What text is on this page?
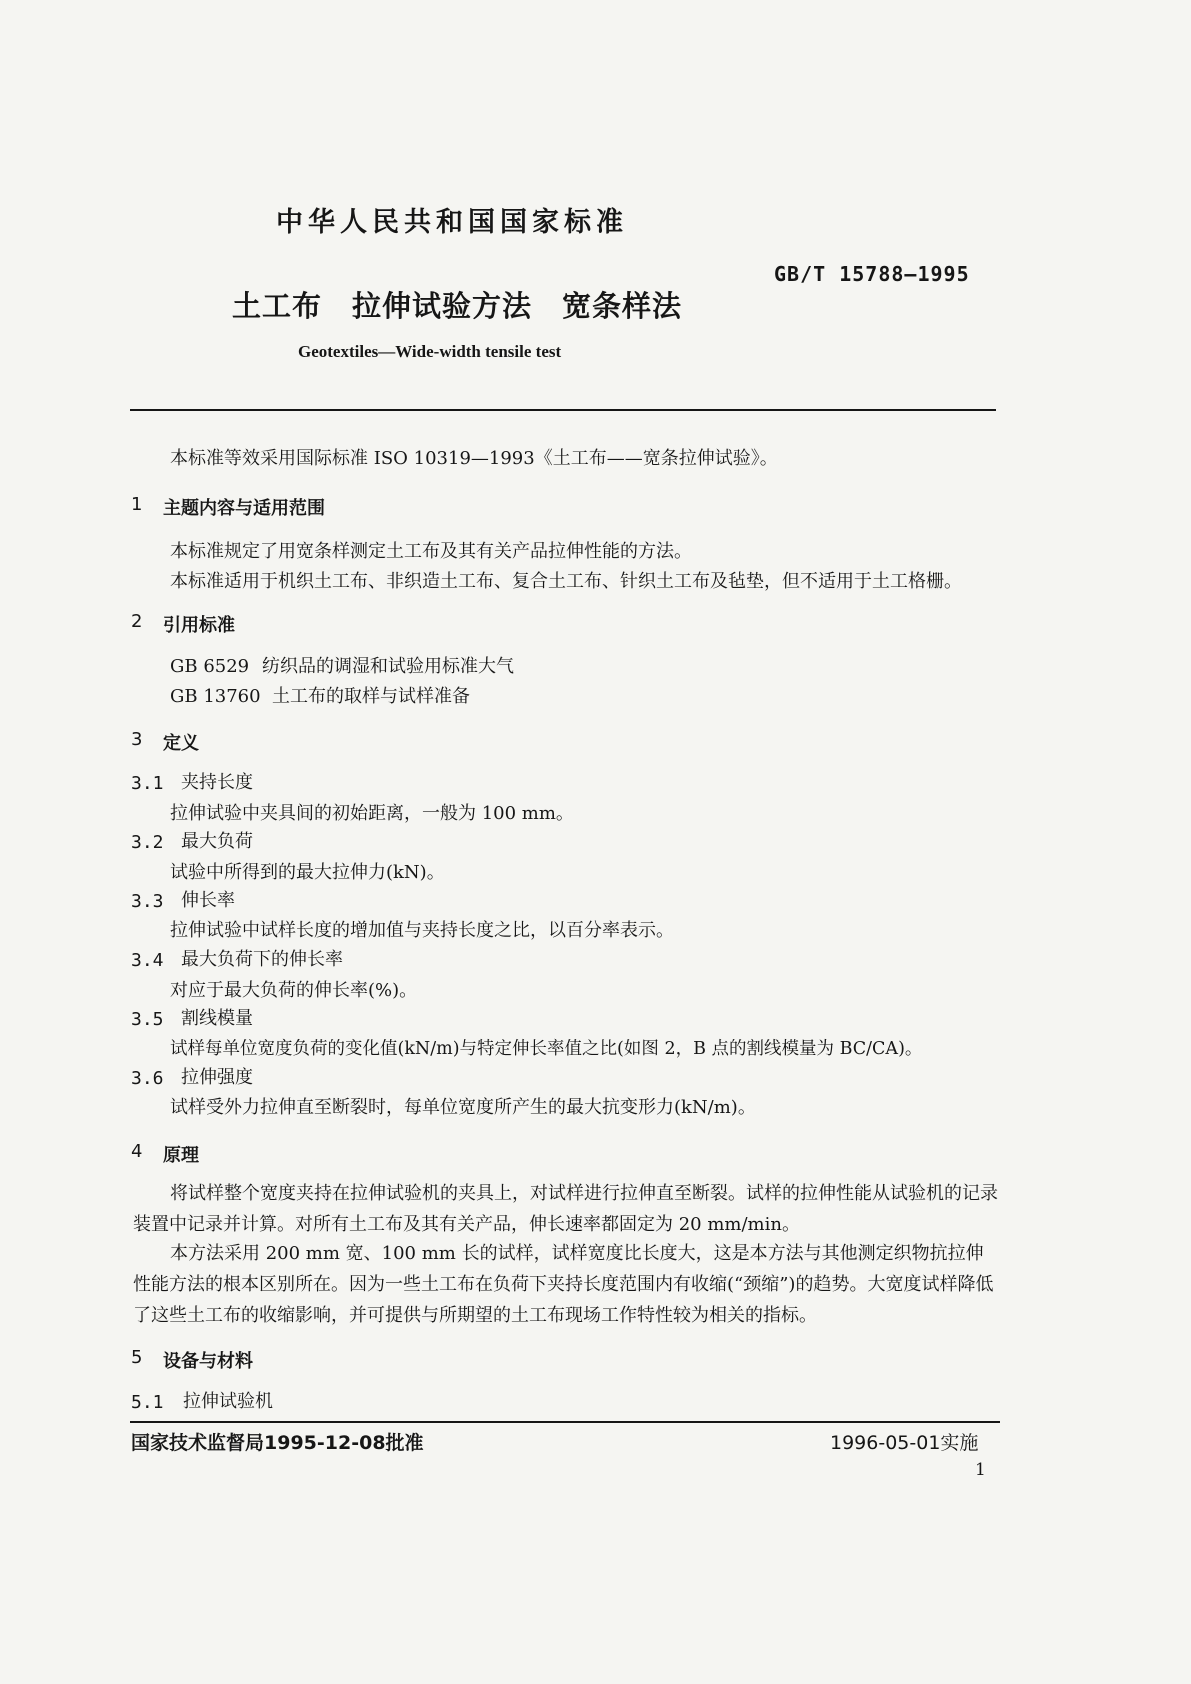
中华人民共和国国家标准
GB/T 15788—1995
土工布　拉伸试验方法　宽条样法
Geotextiles—Wide-width tensile test
本标准等效采用国际标准 ISO 10319—1993《土工布——宽条拉伸试验》。
1 主题内容与适用范围
本标准规定了用宽条样测定土工布及其有关产品拉伸性能的方法。
本标准适用于机织土工布、非织造土工布、复合土工布、针织土工布及毡垫，但不适用于土工格栅。
2 引用标准
GB 6529 纺织品的调湿和试验用标准大气
GB 13760 土工布的取样与试样准备
3 定义
3.1 夹持长度
拉伸试验中夹具间的初始距离，一般为 100 mm。
3.2 最大负荷
试验中所得到的最大拉伸力(kN)。
3.3 伸长率
拉伸试验中试样长度的增加值与夹持长度之比，以百分率表示。
3.4 最大负荷下的伸长率
对应于最大负荷的伸长率(%)。
3.5 割线模量
试样每单位宽度负荷的变化值(kN/m)与特定伸长率值之比(如图 2，B 点的割线模量为 BC/CA)。
3.6 拉伸强度
试样受外力拉伸直至断裂时，每单位宽度所产生的最大抗变形力(kN/m)。
4 原理
将试样整个宽度夹持在拉伸试验机的夹具上，对试样进行拉伸直至断裂。试样的拉伸性能从试验机的记录装置中记录并计算。对所有土工布及其有关产品，伸长速率都固定为 20 mm/min。
本方法采用 200 mm 宽、100 mm 长的试样，试样宽度比长度大，这是本方法与其他测定织物抗拉伸性能方法的根本区别所在。因为一些土工布在负荷下夹持长度范围内有收缩(“颈缩”)的趋势。大宽度试样降低了这些土工布的收缩影响，并可提供与所期望的土工布现场工作特性较为相关的指标。
5 设备与材料
5.1 拉伸试验机
国家技术监督局1995-12-08批准	1996-05-01实施
1
